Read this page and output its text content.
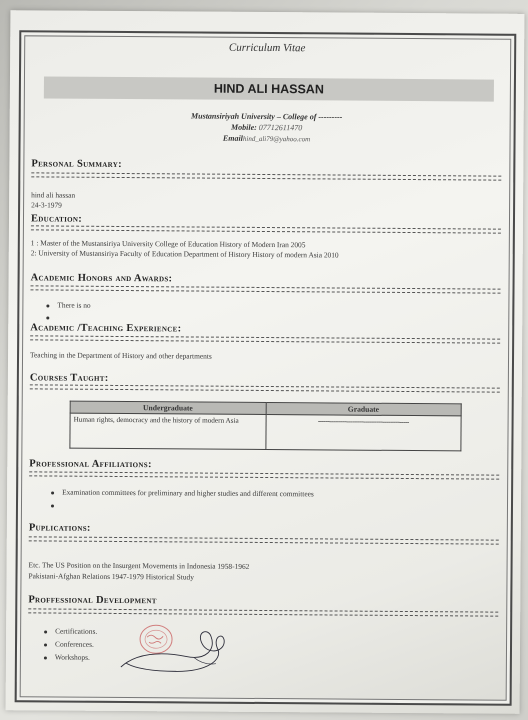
Curriculum Vitae
HIND ALI HASSAN
Mustansiriyah University – College of ---------
Mobile: 07712611470
Emailhind_ali79@yahoo.com
Personal Summary:
hind ali hassan
24-3-1979
Education:
1 : Master of the Mustansiriya University College of Education History of Modern Iran 2005
2: University of Mustansiriya Faculty of Education Department of History History of modern Asia 2010
Academic Honors and Awards:
There is no
Academic /Teaching Experience:
Teaching in the Department of History and other departments
Courses Taught:
Undergraduate	Graduate
Human rights, democracy and the history of modern Asia	------------------------------------------------
Professional Affiliations:
Examination committees for preliminary and higher studies and different committees
Puplications:
Etc. The US Position on the Insurgent Movements in Indonesia 1958-1962
Pakistani-Afghan Relations 1947-1979 Historical Study
Proffessional Development
Certifications.
Conferences.
Workshops.
